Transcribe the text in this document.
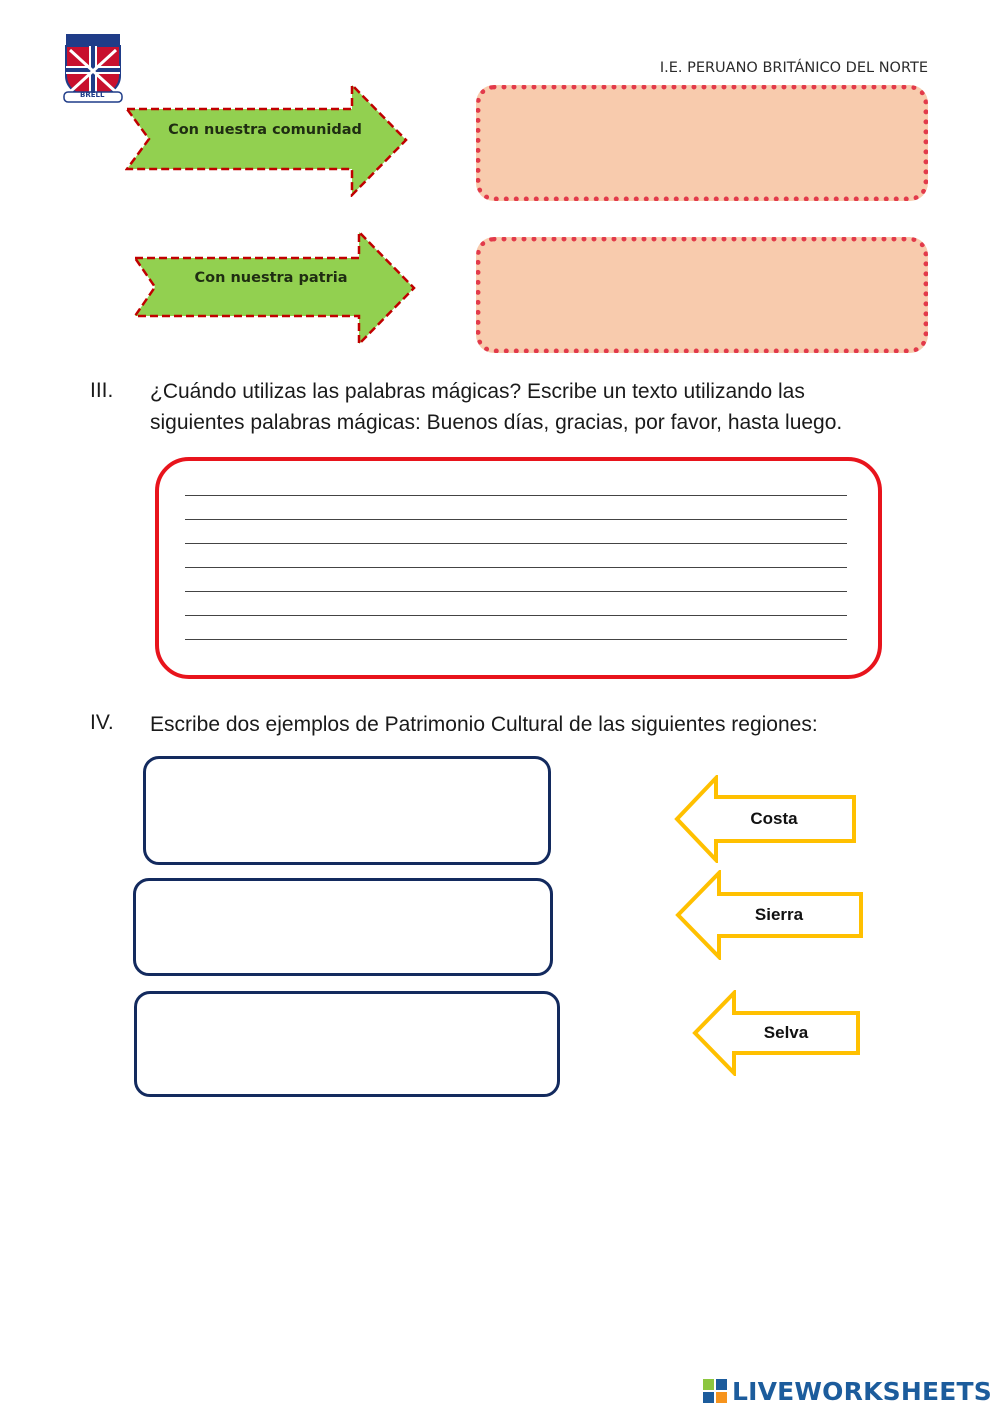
BRELL
I.E. PERUANO BRITÁNICO DEL NORTE
Con nuestra comunidad
Con nuestra patria
III. ¿Cuándo utilizas las palabras mágicas? Escribe un texto utilizando las
siguientes palabras mágicas: Buenos días, gracias, por favor, hasta luego.
IV. Escribe dos ejemplos de Patrimonio Cultural de las siguientes regiones:
Costa
Sierra
Selva
LIVEWORKSHEETS
